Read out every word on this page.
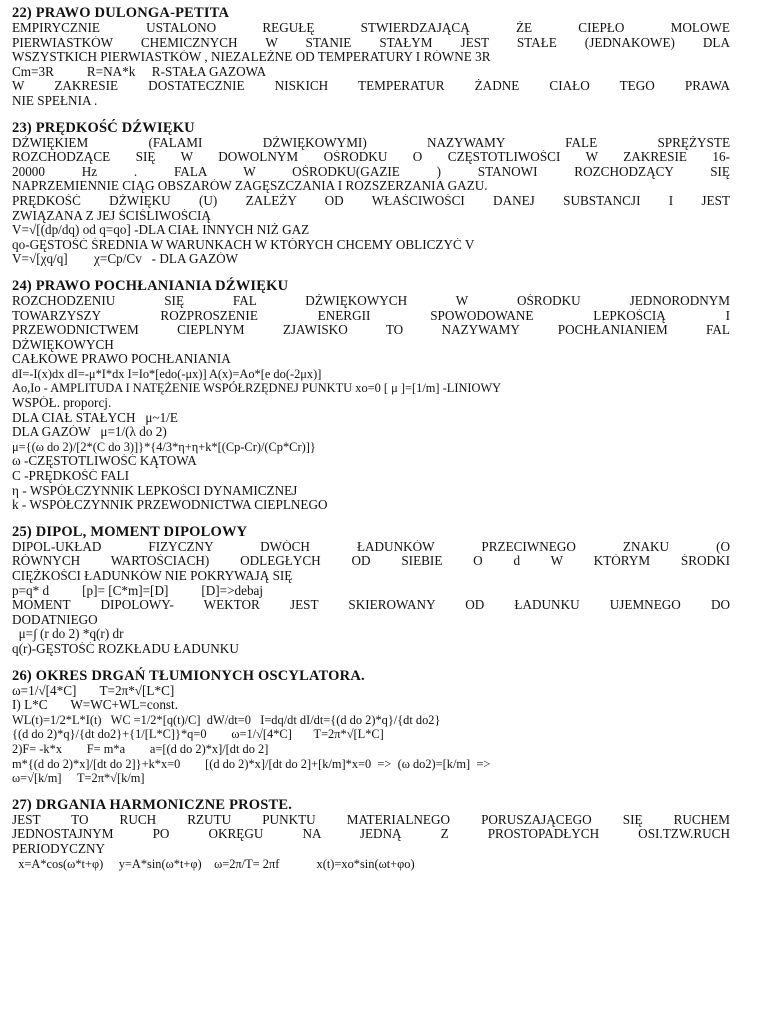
22) PRAWO DULONGA-PETITA

EMPIRYCZNIE USTALONO REGUŁĘ STWIERDZAJĄCĄ ŻE CIEPŁO MOLOWE

PIERWIASTKÓW CHEMICZNYCH W STANIE STAŁYM JEST STAŁE (JEDNAKOWE) DLA

WSZYSTKICH PIERWIASTKÓW , NIEZALEŻNE OD TEMPERATURY I RÓWNE 3R

Cm=3R          R=NA*k     R-STAŁA GAZOWA

W ZAKRESIE DOSTATECZNIE NISKICH TEMPERATUR ŻADNE CIAŁO TEGO PRAWA

NIE SPEŁNIA .

23) PRĘDKOŚĆ DŹWIĘKU

DŹWIĘKIEM (FALAMI DŹWIĘKOWYMI) NAZYWAMY FALE SPRĘŻYSTE

ROZCHODZĄCE SIĘ W DOWOLNYM OŚRODKU O CZĘSTOTLIWOŚCI W ZAKRESIE 16-

20000 Hz . FALA W OŚRODKU(GAZIE ) STANOWI ROZCHODZĄCY SIĘ

NAPRZEMIENNIE CIĄG OBSZARÓW ZAGĘSZCZANIA I ROZSZERZANIA GAZU.

PRĘDKOŚĆ DŹWIĘKU (U) ZALEŻY OD WŁAŚCIWOŚCI DANEJ SUBSTANCJI I JEST

ZWIĄZANA Z JEJ ŚCIŚLIWOŚCIĄ

V=√[(dp/dq) od q=qo] -DLA CIAŁ INNYCH NIŻ GAZ

qo-GĘSTOŚĆ ŚREDNIA W WARUNKACH W KTÓRYCH CHCEMY OBLICZYĆ V

V=√[χq/q]        χ=Cp/Cv   - DLA GAZÓW

24) PRAWO POCHŁANIANIA DŹWIĘKU

ROZCHODZENIU SIĘ FAL DŹWIĘKOWYCH W OŚRODKU JEDNORODNYM

TOWARZYSZY ROZPROSZENIE ENERGII SPOWODOWANE LEPKOŚCIĄ I

PRZEWODNICTWEM CIEPLNYM ZJAWISKO TO NAZYWAMY POCHŁANIANIEM FAL

DŹWIĘKOWYCH

CAŁKOWE PRAWO POCHŁANIANIA

dI=-I(x)dx dI=-μ*I*dx I=Io*[edo(-μx)] A(x)=Ao*[e do(-2μx)]

Ao,Io - AMPLITUDA I NATĘŻENIE WSPÓŁRZĘDNEJ PUNKTU xo=0 [ μ ]=[1/m] -LINIOWY

WSPÓŁ. proporcj.

DLA CIAŁ STAŁYCH   μ~1/E

DLA GAZÓW   μ=1/(λ do 2)

μ={(ω do 2)/[2*(C do 3)]}*{4/3*η+η+k*[(Cp-Cr)/(Cp*Cr)]}

ω -CZĘSTOTLIWOŚĆ KĄTOWA

C -PRĘDKOŚĆ FALI

η - WSPÓŁCZYNNIK LEPKOŚCI DYNAMICZNEJ

k - WSPÓŁCZYNNIK PRZEWODNICTWA CIEPLNEGO

25) DIPOL, MOMENT DIPOLOWY

DIPOL-UKŁAD FIZYCZNY DWÓCH ŁADUNKÓW PRZECIWNEGO ZNAKU (O

RÓWNYCH WARTOŚCIACH) ODLEGŁYCH OD SIEBIE O d W KTÓRYM ŚRODKI

CIĘŻKOŚCI ŁADUNKÓW NIE POKRYWAJĄ SIĘ

p=q* d          [p]= [C*m]=[D]          [D]=>debaj

MOMENT DIPOLOWY- WEKTOR JEST SKIEROWANY OD ŁADUNKU UJEMNEGO DO

DODATNIEGO

μ=∫ (r do 2) *q(r) dr

q(r)-GĘSTOŚĆ ROZKŁADU ŁADUNKU

26) OKRES DRGAŃ TŁUMIONYCH OSCYLATORA.

ω=1/√[4*C]       T=2π*√[L*C]

I) L*C       W=WC+WL=const.

WL(t)=1/2*L*I(t)   WC =1/2*[q(t)/C]  dW/dt=0   I=dq/dt dI/dt={(d do 2)*q}/{dt do2}

{(d do 2)*q}/{dt do2}+{1/[L*C]}*q=0        ω=1/√[4*C]       T=2π*√[L*C]

2)F= -k*x        F= m*a        a=[(d do 2)*x]/[dt do 2]

m*{(d do 2)*x]/[dt do 2]}+k*x=0        [(d do 2)*x]/[dt do 2]+[k/m]*x=0  =>  (ω do2)=[k/m]  =>

ω=√[k/m]     T=2π*√[k/m]

27) DRGANIA HARMONICZNE PROSTE.

JEST TO RUCH RZUTU PUNKTU MATERIALNEGO PORUSZAJĄCEGO SIĘ RUCHEM

JEDNOSTAJNYM PO OKRĘGU NA JEDNĄ Z PROSTOPADŁYCH OSI.TZW.RUCH

PERIODYCZNY

x=A*cos(ω*t+φ)     y=A*sin(ω*t+φ)    ω=2π/T= 2πf            x(t)=xo*sin(ωt+φo)
